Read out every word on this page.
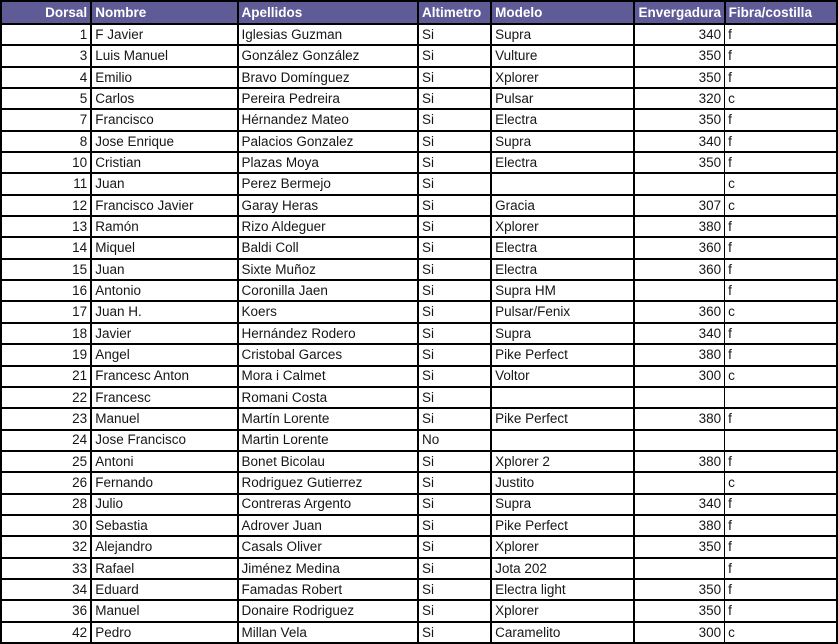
Dorsal	Nombre	Apellidos	Altimetro	Modelo	Envergadura	Fibra/costilla
1	F Javier	Iglesias Guzman	Si	Supra	340	f
3	Luis Manuel	González González	Si	Vulture	350	f
4	Emilio	Bravo Domínguez	Si	Xplorer	350	f
5	Carlos	Pereira Pedreira	Si	Pulsar	320	c
7	Francisco	Hérnandez Mateo	Si	Electra	350	f
8	Jose Enrique	Palacios Gonzalez	Si	Supra	340	f
10	Cristian	Plazas Moya	Si	Electra	350	f
11	Juan	Perez Bermejo	Si			c
12	Francisco Javier	Garay Heras	Si	Gracia	307	c
13	Ramón	Rizo Aldeguer	Si	Xplorer	380	f
14	Miquel	Baldi Coll	Si	Electra	360	f
15	Juan	Sixte Muñoz	Si	Electra	360	f
16	Antonio	Coronilla Jaen	Si	Supra HM		f
17	Juan H.	Koers	Si	Pulsar/Fenix	360	c
18	Javier	Hernández Rodero	Si	Supra	340	f
19	Angel	Cristobal Garces	Si	Pike Perfect	380	f
21	Francesc Anton	Mora i Calmet	Si	Voltor	300	c
22	Francesc	Romani Costa	Si			
23	Manuel	Martín Lorente	Si	Pike Perfect	380	f
24	Jose Francisco	Martin Lorente	No			
25	Antoni	Bonet Bicolau	Si	Xplorer 2	380	f
26	Fernando	Rodriguez Gutierrez	Si	Justito		c
28	Julio	Contreras Argento	Si	Supra	340	f
30	Sebastia	Adrover Juan	Si	Pike Perfect	380	f
32	Alejandro	Casals Oliver	Si	Xplorer	350	f
33	Rafael	Jiménez Medina	Si	Jota 202		f
34	Eduard	Famadas Robert	Si	Electra light	350	f
36	Manuel	Donaire Rodriguez	Si	Xplorer	350	f
42	Pedro	Millan Vela	Si	Caramelito	300	c
